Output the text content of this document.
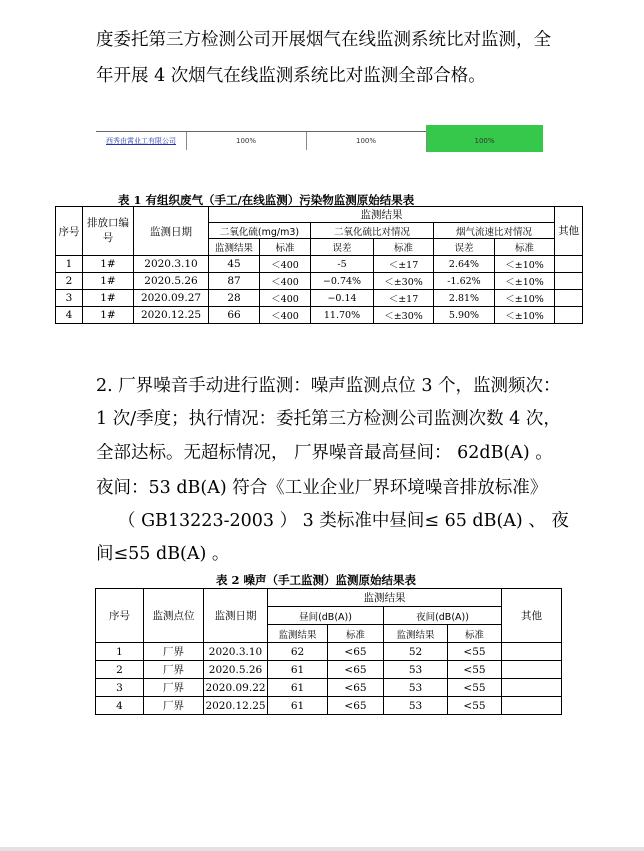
度委托第三方检测公司开展烟气在线监测系统比对监测，全
年开展 4 次烟气在线监测系统比对监测全部合格。
西秀由霄业工有限公司	100%	100%	100%
表 1 有组织废气（手工/在线监测）污染物监测原始结果表
序号	排放口编号	监测日期	监测结果						其他
			二氧化硫(mg/m3)		二氧化硫比对情况		烟气流速比对情况		
			监测结果	标准	误差	标准	误差	标准	
1	1#	2020.3.10	45	＜400	-5	＜±17	2.64%	＜±10%	
2	1#	2020.5.26	87	＜400	−0.74%	＜±30%	-1.62%	＜±10%	
3	1#	2020.09.27	28	＜400	−0.14	＜±17	2.81%	＜±10%	
4	1#	2020.12.25	66	＜400	11.70%	＜±30%	5.90%	＜±10%	
2. 厂界噪音手动进行监测：噪声监测点位 3 个，监测频次：
1 次/季度；执行情况：委托第三方检测公司监测次数 4 次，
全部达标。无超标情况， 厂界噪音最高昼间： 62dB(A) 。
夜间：53 dB(A) 符合《工业企业厂界环境噪音排放标准》
（ GB13223-2003 ） 3 类标准中昼间≤ 65 dB(A) 、 夜
间≤55 dB(A) 。
表 2 噪声（手工监测）监测原始结果表
序号	监测点位	监测日期	监测结果				其他
			昼间(dB(A))		夜间(dB(A))		
			监测结果	标准	监测结果	标准	
1	厂界	2020.3.10	62	<65	52	<55	
2	厂界	2020.5.26	61	<65	53	<55	
3	厂界	2020.09.22	61	<65	53	<55	
4	厂界	2020.12.25	61	<65	53	<55	
